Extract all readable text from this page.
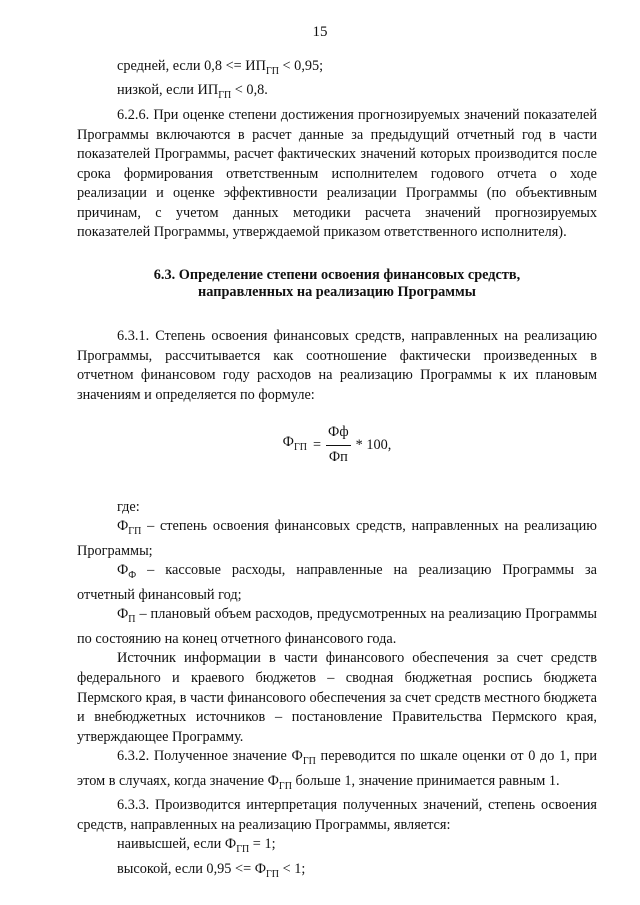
15

средней, если $0,8 <= ИП_{ГП} < 0,95$;

низкой, если $ИП_{ГП} < 0,8$.

6.2.6. При оценке степени достижения прогнозируемых значений показателей Программы включаются в расчет данные за предыдущий отчетный год в части показателей Программы, расчет фактических значений которых производится после срока формирования ответственным исполнителем годового отчета о ходе реализации и оценке эффективности реализации Программы (по объективным причинам, с учетом данных методики расчета значений прогнозируемых показателей Программы, утверждаемой приказом ответственного исполнителя).

6.3. Определение степени освоения финансовых средств,
направленных на реализацию Программы

6.3.1. Степень освоения финансовых средств, направленных на реализацию Программы, рассчитывается как соотношение фактически произведенных в отчетном финансовом году расходов на реализацию Программы к их плановым значениям и определяется по формуле:

$Ф_{ГП} = \frac{Фф}{Фп} * 100$,

где:

$Ф_{ГП}$ – степень освоения финансовых средств, направленных на реализацию Программы;

$Ф_Ф$ – кассовые расходы, направленные на реализацию Программы за отчетный финансовый год;

$Ф_П$ – плановый объем расходов, предусмотренных на реализацию Программы по состоянию на конец отчетного финансового года.

Источник информации в части финансового обеспечения за счет средств федерального и краевого бюджетов – сводная бюджетная роспись бюджета Пермского края, в части финансового обеспечения за счет средств местного бюджета и внебюджетных источников – постановление Правительства Пермского края, утверждающее Программу.

6.3.2. Полученное значение $Ф_{ГП}$ переводится по шкале оценки от 0 до 1, при этом в случаях, когда значение $Ф_{ГП}$ больше 1, значение принимается равным 1.

6.3.3. Производится интерпретация полученных значений, степень освоения средств, направленных на реализацию Программы, является:

наивысшей, если $Ф_{ГП} = 1$;

высокой, если $0,95 <= Ф_{ГП} < 1$;
